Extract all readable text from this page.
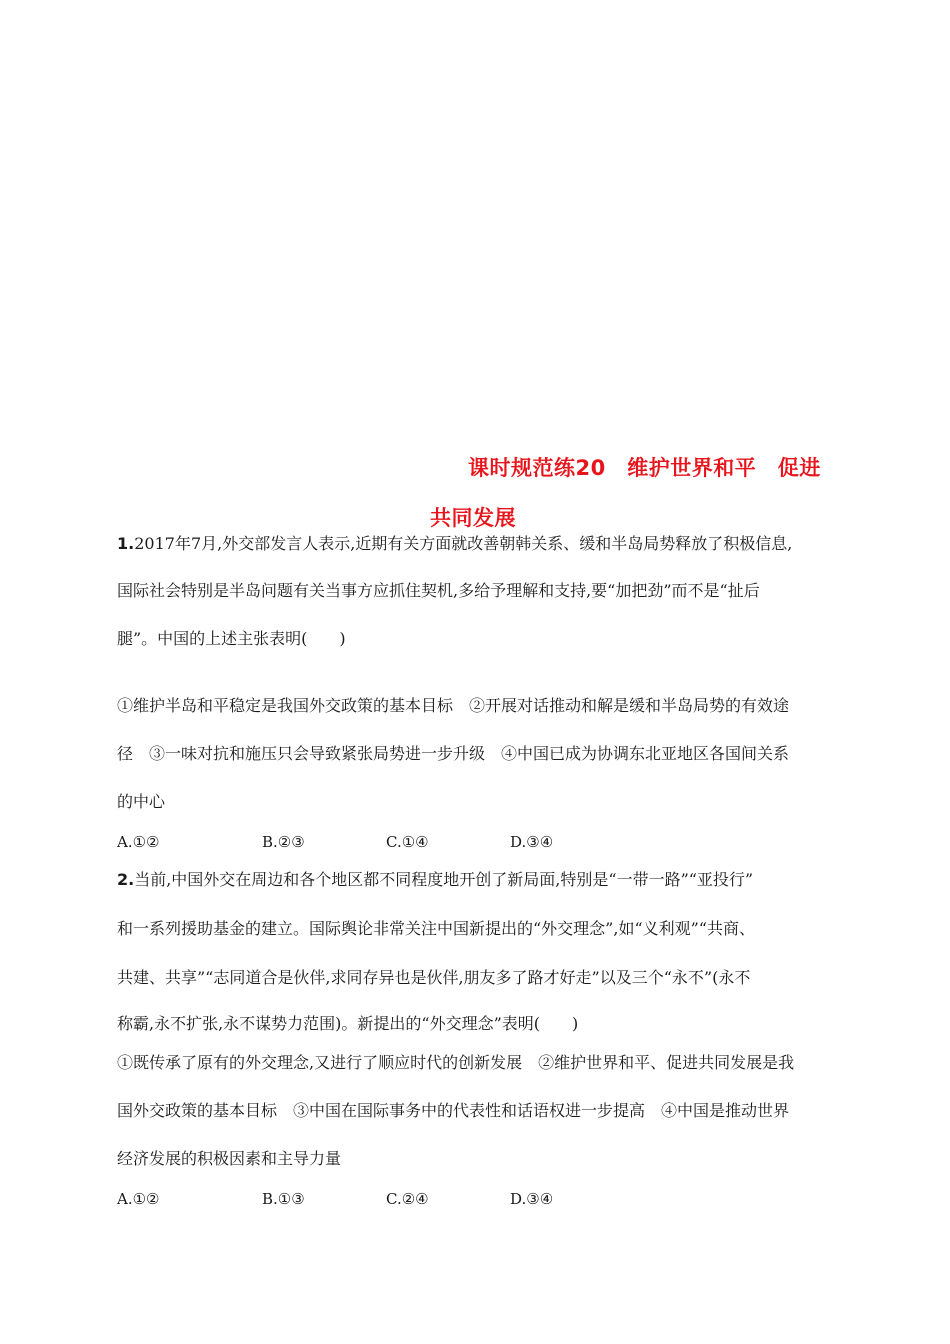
课时规范练20　维护世界和平　促进
共同发展
1.2017年7月,外交部发言人表示,近期有关方面就改善朝韩关系、缓和半岛局势释放了积极信息,
国际社会特别是半岛问题有关当事方应抓住契机,多给予理解和支持,要“加把劲”而不是“扯后
腿”。中国的上述主张表明(　　)
①维护半岛和平稳定是我国外交政策的基本目标　②开展对话推动和解是缓和半岛局势的有效途
径　③一味对抗和施压只会导致紧张局势进一步升级　④中国已成为协调东北亚地区各国间关系
的中心
A.①②	B.②③	C.①④	D.③④
2.当前,中国外交在周边和各个地区都不同程度地开创了新局面,特别是“一带一路”“亚投行”
和一系列援助基金的建立。国际舆论非常关注中国新提出的“外交理念”,如“义利观”“共商、
共建、共享”“志同道合是伙伴,求同存异也是伙伴,朋友多了路才好走”以及三个“永不”(永不
称霸,永不扩张,永不谋势力范围)。新提出的“外交理念”表明(　　)
①既传承了原有的外交理念,又进行了顺应时代的创新发展　②维护世界和平、促进共同发展是我
国外交政策的基本目标　③中国在国际事务中的代表性和话语权进一步提高　④中国是推动世界
经济发展的积极因素和主导力量
A.①②	B.①③	C.②④	D.③④
